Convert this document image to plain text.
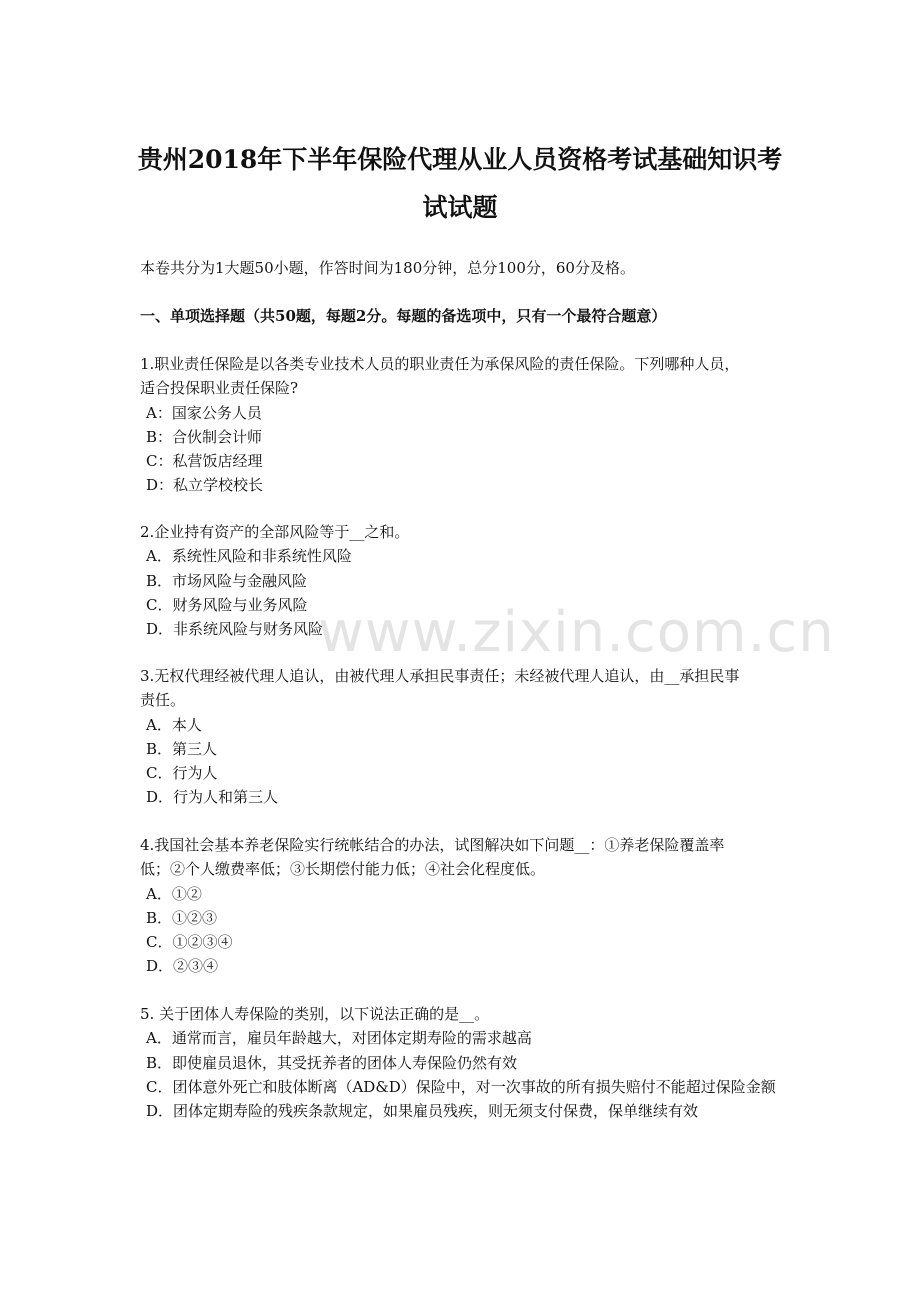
贵州2018年下半年保险代理从业人员资格考试基础知识考
试试题
本卷共分为1大题50小题，作答时间为180分钟，总分100分，60分及格。
一、单项选择题（共50题，每题2分。每题的备选项中，只有一个最符合题意）

1.职业责任保险是以各类专业技术人员的职业责任为承保风险的责任保险。下列哪种人员，

适合投保职业责任保险?

A：国家公务人员

B：合伙制会计师

C：私营饭店经理

D：私立学校校长

2.企业持有资产的全部风险等于__之和。

A．系统性风险和非系统性风险

B．市场风险与金融风险

C．财务风险与业务风险

D．非系统风险与财务风险

3.无权代理经被代理人追认，由被代理人承担民事责任；未经被代理人追认，由__承担民事

责任。

A．本人

B．第三人

C．行为人

D．行为人和第三人

4.我国社会基本养老保险实行统帐结合的办法，试图解决如下问题__：①养老保险覆盖率

低；②个人缴费率低；③长期偿付能力低；④社会化程度低。

A．①②

B．①②③

C．①②③④

D．②③④

5. 关于团体人寿保险的类别，以下说法正确的是__。

A．通常而言，雇员年龄越大，对团体定期寿险的需求越高

B．即使雇员退休，其受抚养者的团体人寿保险仍然有效

C．团体意外死亡和肢体断离（AD&D）保险中，对一次事故的所有损失赔付不能超过保险金额

D．团体定期寿险的残疾条款规定，如果雇员残疾，则无须支付保费，保单继续有效

www.zixin.com.cn
